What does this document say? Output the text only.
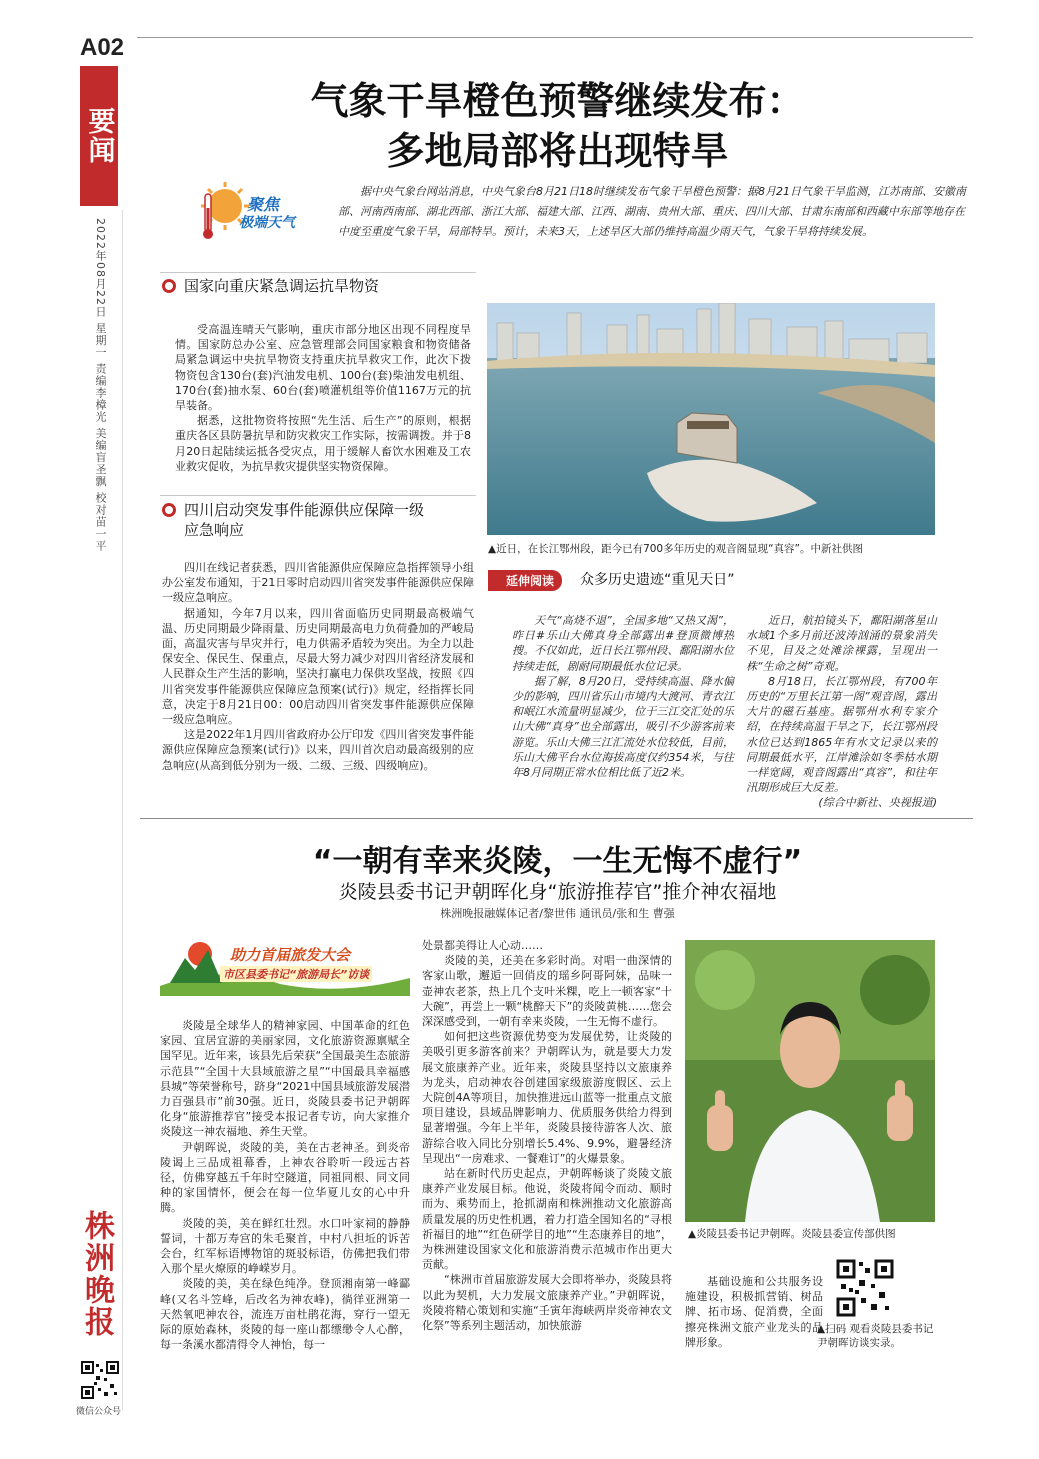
A02
要闻
2022年08月22日 星期一 责编李樟光 美编盲圣飘 校对苗一平
株洲晚报
微信公众号
气象干旱橙色预警继续发布：
多地局部将出现特旱
聚焦
极端天气
据中央气象台网站消息，中央气象台8月21日18时继续发布气象干旱橙色预警：据8月21日气象干旱监测，江苏南部、安徽南部、河南西南部、湖北西部、浙江大部、福建大部、江西、湖南、贵州大部、重庆、四川大部、甘肃东南部和西藏中东部等地存在中度至重度气象干旱，局部特旱。预计，未来3天，上述旱区大部仍维持高温少雨天气，气象干旱将持续发展。
国家向重庆紧急调运抗旱物资

受高温连晴天气影响，重庆市部分地区出现不同程度旱情。国家防总办公室、应急管理部会同国家粮食和物资储备局紧急调运中央抗旱物资支持重庆抗旱救灾工作，此次下拨物资包含130台(套)汽油发电机、100台(套)柴油发电机组、170台(套)抽水泵、60台(套)喷灌机组等价值1167万元的抗旱装备。

据悉，这批物资将按照“先生活、后生产”的原则，根据重庆各区县防暑抗旱和防灾救灾工作实际，按需调拨。并于8月20日起陆续运抵各受灾点，用于缓解人畜饮水困难及工农业救灾促收，为抗旱救灾提供坚实物资保障。

四川启动突发事件能源供应保障一级
应急响应

四川在线记者获悉，四川省能源供应保障应急指挥领导小组办公室发布通知，于21日零时启动四川省突发事件能源供应保障一级应急响应。

据通知，今年7月以来，四川省面临历史同期最高极端气温、历史同期最少降雨量、历史同期最高电力负荷叠加的严峻局面，高温灾害与旱灾并行，电力供需矛盾较为突出。为全力以赴保安全、保民生、保重点，尽最大努力减少对四川省经济发展和人民群众生产生活的影响，坚决打赢电力保供攻坚战，按照《四川省突发事件能源供应保障应急预案(试行)》规定，经指挥长同意，决定于8月21日00：00启动四川省突发事件能源供应保障一级应急响应。

这是2022年1月四川省政府办公厅印发《四川省突发事件能源供应保障应急预案(试行)》以来，四川首次启动最高级别的应急响应(从高到低分别为一级、二级、三级、四级响应)。

▲近日，在长江鄂州段，距今已有700多年历史的观音阁显现“真容”。中新社供图
延伸阅读	众多历史遗迹“重见天日”

天气“高烧不退”，全国多地“又热又渴”，昨日#乐山大佛真身全部露出#登顶微博热搜。不仅如此，近日长江鄂州段、鄱阳湖水位持续走低，剧耐同期最低水位记录。

据了解，8月20日，受持续高温、降水偏少的影响，四川省乐山市境内大渡河、青衣江和岷江水流量明显减少，位于三江交汇处的乐山大佛“真身”也全部露出，吸引不少游客前来游览。乐山大佛三江汇流处水位较低，目前，乐山大佛平台水位海拔高度仅约354米，与往年8月同期正常水位相比低了近2米。

近日，航拍镜头下，鄱阳湖落星山水域1个多月前还波涛汹涌的景象消失不见，目及之处滩涂裸露，呈现出一株“生命之树”奇观。

8月18日，长江鄂州段，有700年历史的“万里长江第一阁”观音阁，露出大片的磁石基座。据鄂州水利专家介绍，在持续高温干旱之下，长江鄂州段水位已达到1865年有水文记录以来的同期最低水平，江岸滩涂如冬季枯水期一样宽阔，观音阁露出“真容”，和往年汛期形成巨大反差。

(综合中新社、央视报道)
“一朝有幸来炎陵，一生无悔不虚行”
炎陵县委书记尹朝晖化身“旅游推荐官”推介神农福地
株洲晚报融媒体记者/黎世伟 通讯员/张和生 曹强
助力首届旅发大会
市区县委书记“旅游局长”访谈

炎陵是全球华人的精神家园、中国革命的红色家园、宜居宜游的美丽家园，文化旅游资源禀赋全国罕见。近年来，该县先后荣获“全国最美生态旅游示范县”“全国十大县域旅游之星”“中国最具幸福感县城”等荣誉称号，跻身“2021中国县域旅游发展潜力百强县市”前30强。近日，炎陵县委书记尹朝晖化身“旅游推荐官”接受本报记者专访，向大家推介炎陵这一神农福地、养生天堂。

尹朝晖说，炎陵的美，美在古老神圣。到炎帝陵谒上三品成祖幕香，上神农谷聆听一段远古苔径，仿佛穿越五千年时空隧道，同祖同根、同文同种的家国情怀，便会在每一位华夏儿女的心中升腾。

炎陵的美，美在鲜红壮烈。水口叶家祠的静静誓词，十都万寿宫的朱毛聚首，中村八担坵的诉苦会台，红军标语博物馆的斑驳标语，仿佛把我们带入那个星火燎原的峥嵘岁月。

炎陵的美，美在绿色纯净。登顶湘南第一峰酃峰(又名斗笠峰，后改名为神农峰)，徜徉亚洲第一天然氧吧神农谷，流连万亩杜鹃花海，穿行一望无际的原始森林，炎陵的每一座山都缥缈令人心醉，每一条溪水都清得令人神怡，每一

处景都美得让人心动……

炎陵的美，还美在多彩时尚。对唱一曲深情的客家山歌，邂逅一回俏皮的瑶乡阿哥阿妹，品味一壶神农老茶，热上几个支叶米粿，吃上一顿客家“十大碗”，再尝上一颗“桃醉天下”的炎陵黄桃……您会深深感受到，一朝有幸来炎陵，一生无悔不虚行。

如何把这些资源优势变为发展优势，让炎陵的美吸引更多游客前来？尹朝晖认为，就是要大力发展文旅康养产业。近年来，炎陵县坚持以文旅康养为龙头，启动神农谷创建国家级旅游度假区、云上大院创4A等项目，加快推进远山蓝等一批重点文旅项目建设，县域品牌影响力、优质服务供给力得到显著增强。今年上半年，炎陵县接待游客人次、旅游综合收入同比分别增长5.4%、9.9%，避暑经济呈现出“一房难求、一餐难订”的火爆景象。

站在新时代历史起点，尹朝晖畅谈了炎陵文旅康养产业发展目标。他说，炎陵将闻令而动、顺时而为、乘势而上，抢抓湖南和株洲推动文化旅游高质量发展的历史性机遇，着力打造全国知名的“寻根祈福目的地”“红色研学目的地”“生态康养目的地”，为株洲建设国家文化和旅游消费示范城市作出更大贡献。

“株洲市首届旅游发展大会即将举办，炎陵县将以此为契机，大力发展文旅康养产业。”尹朝晖说，炎陵将精心策划和实施“壬寅年海峡两岸炎帝神农文化祭”等系列主题活动，加快旅游

▲炎陵县委书记尹朝晖。炎陵县委宣传部供图

基础设施和公共服务设施建设，积极抓营销、树品牌、拓市场、促消费，全面擦亮株洲文旅产业龙头的品牌形象。

▲扫码 观看炎陵县委书记尹朝晖访谈实录。
